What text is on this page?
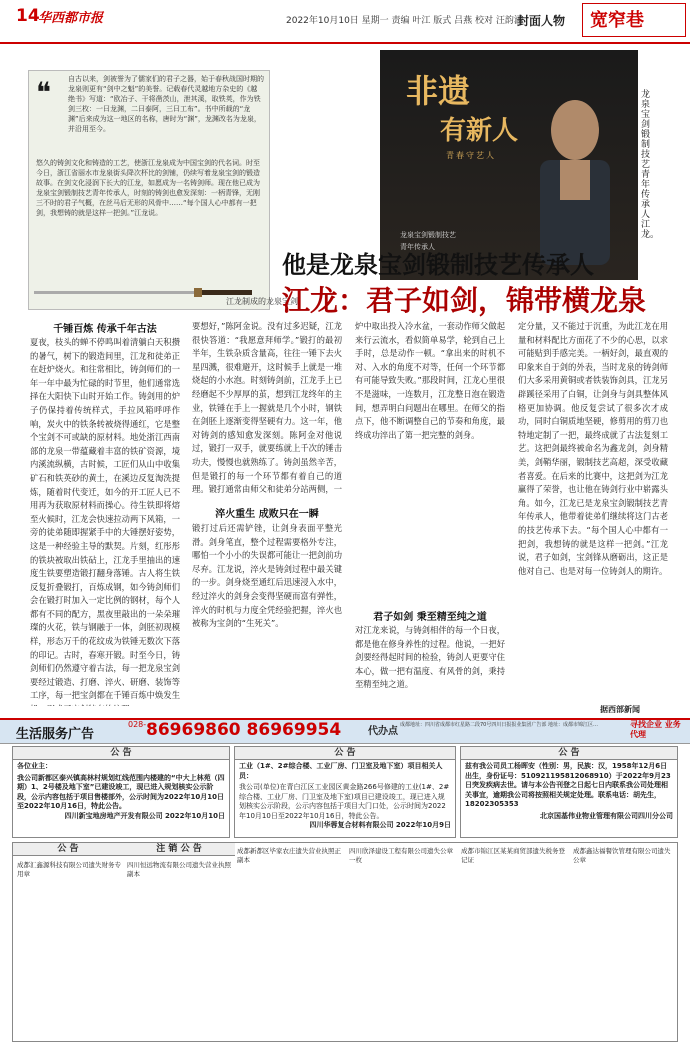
14
华西都市报	2022年10月10日 星期一 责编 叶江 版式 吕燕 校对 汪韵涵
封面人物 宽窄巷
❝ 自古以来，剑被誉为了儒家们的君子之器，始于春秋战国时期的龙泉则更有“剑中之魁”的美誉。记载春代灵越地方杂史的《越绝书》写道：“欧冶子、干将凿茨山，泄其溪，取铁英，作为铁剑三枚：一曰龙渊，二曰泰阿，三曰工布”。书中所载的“龙渊”后来成为这一地区的名称，唐时为“渊”，龙渊改名为龙泉，并沿用至今。
悠久的铸剑文化和铸造的工艺，使浙江龙泉成为中国宝剑的代名词。时至今日，浙江省丽水市龙泉街头降次杯比的剑铺，仍续写着龙泉宝剑的锻造故事。在剑文化浸润下长大的江龙，如愿成为一名铸剑师。现在他已成为龙泉宝剑锻制技艺青年传承人，时刻的铸剑也愈发深刻：一柄青锋，无刚三不时的君子气概，在丝马后无形的风骨中……“每个国人心中都有一把剑，我想铸的就是这样一把剑。”江龙说。
江龙制成的龙泉宝剑
非遗
有新人
青春守艺人
龙泉宝剑锻制技艺
青年传承人
龙泉宝剑锻制技艺青年传承人江龙。
他是龙泉宝剑锻制技艺传承人
江龙：君子如剑，锦带横龙泉
千锤百炼 传承千年古法
夏夜，枝头的蝉不停鸣叫着清躺白天积攒的暑气，树下的锻造间里，江龙和徒弟正在赶炉烧火。和往常相比，铸剑师们的一年一年中最为忙碌的时节里，他们通常选择在大阳快下山时开始工作。铸剑用的炉子仍保持着传统样式，手拉风箱呼呼作响，炭火中的铁条转被烧得通红，它是整个宝剑不可或缺的原材料。地处浙江西南部的龙泉一带蕴藏着丰富的铁矿资源，境内溪流纵横，古时候，工匠们从山中收集矿石和铁英砂的黄土，在溪边反复淘洗提炼，随着时代变迁，如今的开工匠人已不用再为获取原材料而操心。待生铁即将熔至火候时，江龙会快速拉动两下风箱，一旁的徒弟随即握紧手中的大锤摆好姿势，这是一种经验主导的默契。片刻，红彤彤的铁块被取出铁砧上，江龙手里抽出的速度生铁要塑造锻打翻身落锤。古人将生铁反复折叠锻打，百炼成钢，如今铸剑师们会在锻打时加入一定比例的钢材，每个人都有不同的配方，黑夜里敲出的一朵朵璀璨的火花，铁与钢融于一体，剑胚初现模样，形态万千的花纹成为铁锤无数次下落的印记。古时，春寒开锻。时至今日，铸剑师们仍然遵守着古法，每一把龙泉宝剑要经过锻造、打磨、淬火、研磨、装饰等工序，每一把宝剑都在千锤百炼中焕发生
要想好，”陈阿金说。没有过多迟疑，江龙很快答道：“我愿意拜师学。”锻打的最初半年，生铁杂质含量高，往往一锤下去火星四溅，很难避开，这时候手上就是一堆烧起的小水泡。时刻铸剑前，江龙手上已经磨起不少厚厚的茧，想到江龙终年的主业，铁锤在手上一握就是几个小时，钢铁在剑胚上逐渐变得坚硬有力。这一年，他对铸剑的感知愈发深刻。陈阿金对他说过，锻打一双手，就要练就上千次的锤击功夫，慢慢也就熟练了。铸剑虽然辛苦，但是锻打的每一个环节都有着自己的道理。锻打通常由师父和徒弟分站两侧，一
淬火重生 成败只在一瞬
锻打过后还需铲锉，让剑身表面平整光滑。剑身笔直，整个过程需要格外专注，哪怕一个小小的失误都可能让一把剑前功尽弃。江龙说，淬火是铸剑过程中最关键的一步。剑身烧至通红后迅速浸入水中，经过淬火的剑身会变得坚硬而富有弹性，淬火的时机与力度全凭经验把握，淬火也被称为宝剑的“生死关”。
炉中取出投入冷水盆，一套动作师父做起来行云流水，看似简单易学，轮到自己上手时，总是动作一顿。“拿出来的时机不对、入水的角度不对等，任何一个环节都有可能导致失败。”那段时间，江龙心里很不是滋味，一连数月，江龙整日泡在锻造间，想弄明白问题出在哪里。在师父的指点下，他不断调整自己的节奏和角度，最终成功淬出了第一把完整的剑身。
君子如剑 秉至精至纯之道
对江龙来说，与铸剑相伴的每一个日夜，都是他在修身养性的过程。他说，一把好剑要经得起时间的检验，铸剑人更要守住本心，做一把有温度、有风骨的剑，秉持至精至纯之道。
定分量，又不能过于沉重，为此江龙在用量和材料配比方面花了不少的心思，以求可能贴到手感完美。一柄好剑，最直观的印象来自于剑的外表，当时龙泉的铸剑师们大多采用黄铜或者铁装饰剑具，江龙另辟蹊径采用了白铜，让剑身与剑具整体风格更加协调。他反复尝试了很多次才成功，同时白铜质地坚硬，修剪用的剪刀也特地定制了一把，最终成就了古法复刻工艺。这把剑最终被命名为鑫龙剑，剑身精美，剑鞘华丽，锻制技艺高超，深受收藏者喜爱。在后来的比赛中，这把剑为江龙赢得了荣誉，也让他在铸剑行业中崭露头角。如今，江龙已是龙泉宝剑锻制技艺青年传承人，他带着徒弟们继续将这门古老的技艺传承下去。“每个国人心中都有一把剑，我想铸的就是这样一把剑。”江龙说，君子如剑，宝剑锋从磨砺出，这正是他对自己、也是对每一位铸剑人的期许。
据西部新闻
生活服务广告
028- 86969860 86969954	代办点
成都地址：四川省成都市红星路二段70号四川日报报业集团广告部 地址：成都市锦江区…	寻找企业 业务代理
公 告
各位业主：
我公司新都区泰兴镇高林村规划红线范围内楼建的“中大上林苑（四期）1、2号楼及地下室”已建设竣工，现已进入规划核实公示阶段，公示内容包括于项目售楼部外，公示时间为2022年10月10日至2022年10月16日，特此公告。
四川新宝地房地产开发有限公司 2022年10月10日
公 告
工业（1#、2#综合楼、工业厂房、门卫室及地下室）项目相关人员：
我公司(单位)在青白江区工业园区黄金路266号修建的工业(1#、2#综合楼、工业厂房、门卫室及地下室)项目已建设竣工，现已进入规划核实公示阶段，公示内容包括于项目大门口处，公示时间为2022年10月10日至2022年10月16日，特此公告。
四川华蓉复合材料有限公司 2022年10月9日
公 告
兹有我公司员工杨晖安（性别：男，民族：汉，1958年12月6日出生，身份证号：51092119581206891​0）于2022年9月23日突发疾病去世。请与本公告刊登之日起七日内联系我公司处理相关事宜，逾期我公司将按照相关规定处理。联系电话：胡先生，18202305353
北京国基伟业物业管理有限公司四川分公司
公 告	注 销 公 告	成都新都区毕家农庄遗失营业执照正副本
四川欣泽建设工程有限公司遗失公章一枚
成都市锦江区某某商贸部遗失税务登记证
成都鑫达福餐饮管理有限公司遗失公章
成都汇鑫源科技有限公司遗失财务专用章
四川恒远物流有限公司遗失营业执照副本
